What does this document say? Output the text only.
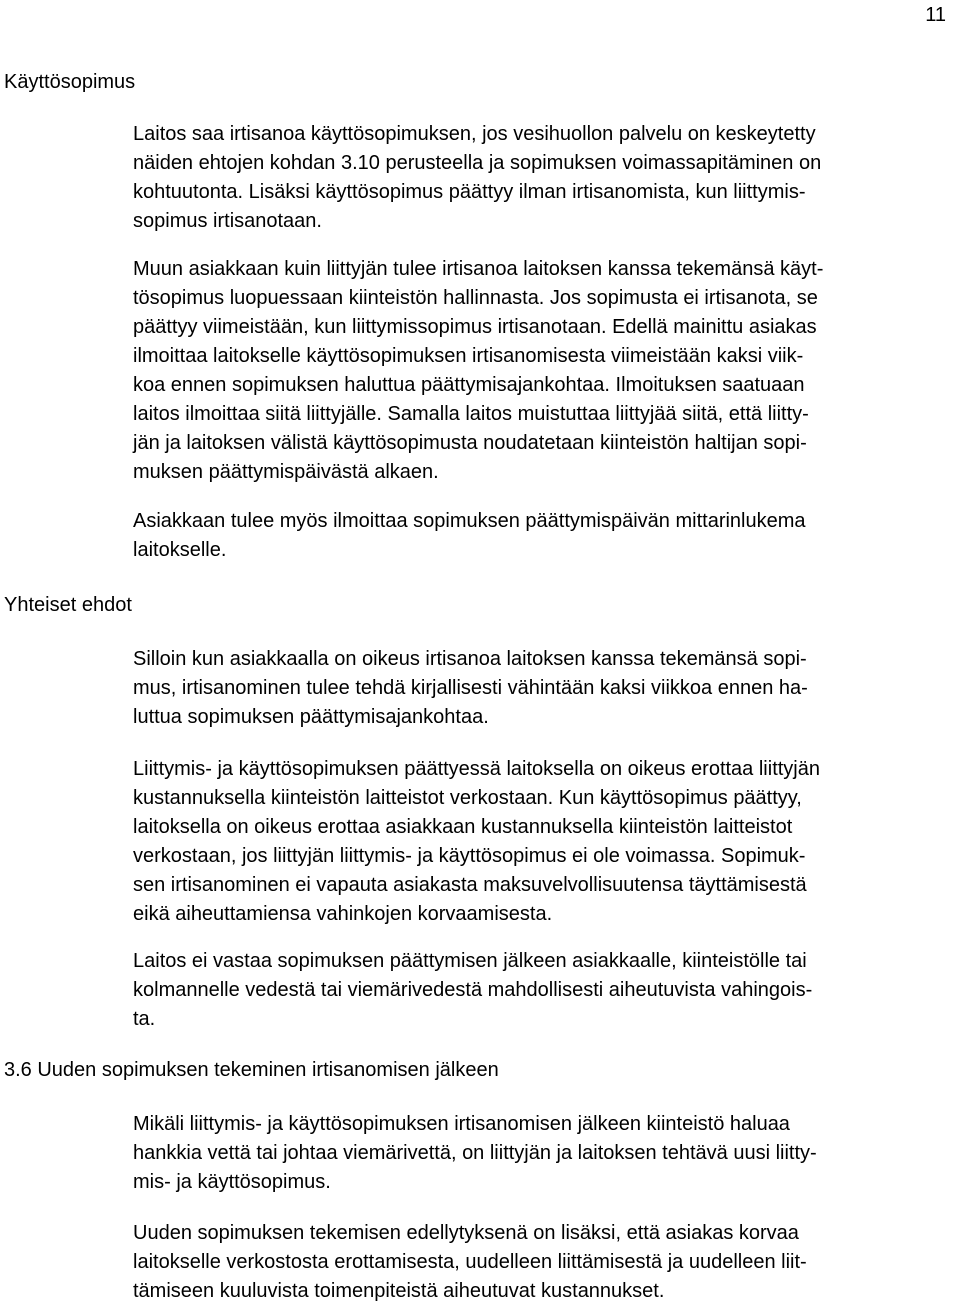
11
Käyttösopimus

Laitos saa irtisanoa käyttösopimuksen, jos vesihuollon palvelu on keskeytetty
näiden ehtojen kohdan 3.10 perusteella ja sopimuksen voimassapitäminen on
kohtuutonta. Lisäksi käyttösopimus päättyy ilman irtisanomista, kun liittymis-
sopimus irtisanotaan.

Muun asiakkaan kuin liittyjän tulee irtisanoa laitoksen kanssa tekemänsä käyt-
tösopimus luopuessaan kiinteistön hallinnasta. Jos sopimusta ei irtisanota, se
päättyy viimeistään, kun liittymissopimus irtisanotaan. Edellä mainittu asiakas
ilmoittaa laitokselle käyttösopimuksen irtisanomisesta viimeistään kaksi viik-
koa ennen sopimuksen haluttua päättymisajankohtaa. Ilmoituksen saatuaan
laitos ilmoittaa siitä liittyjälle. Samalla laitos muistuttaa liittyjää siitä, että liitty-
jän ja laitoksen välistä käyttösopimusta noudatetaan kiinteistön haltijan sopi-
muksen päättymispäivästä alkaen.

Asiakkaan tulee myös ilmoittaa sopimuksen päättymispäivän mittarinlukema
laitokselle.

Yhteiset ehdot

Silloin kun asiakkaalla on oikeus irtisanoa laitoksen kanssa tekemänsä sopi-
mus, irtisanominen tulee tehdä kirjallisesti vähintään kaksi viikkoa ennen ha-
luttua sopimuksen päättymisajankohtaa.

Liittymis- ja käyttösopimuksen päättyessä laitoksella on oikeus erottaa liittyjän
kustannuksella kiinteistön laitteistot verkostaan. Kun käyttösopimus päättyy,
laitoksella on oikeus erottaa asiakkaan kustannuksella kiinteistön laitteistot
verkostaan, jos liittyjän liittymis- ja käyttösopimus ei ole voimassa. Sopimuk-
sen irtisanominen ei vapauta asiakasta maksuvelvollisuutensa täyttämisestä
eikä aiheuttamiensa vahinkojen korvaamisesta.

Laitos ei vastaa sopimuksen päättymisen jälkeen asiakkaalle, kiinteistölle tai
kolmannelle vedestä tai viemärivedestä mahdollisesti aiheutuvista vahingois-
ta.

3.6 Uuden sopimuksen tekeminen irtisanomisen jälkeen

Mikäli liittymis- ja käyttösopimuksen irtisanomisen jälkeen kiinteistö haluaa
hankkia vettä tai johtaa viemärivettä, on liittyjän ja laitoksen tehtävä uusi liitty-
mis- ja käyttösopimus.

Uuden sopimuksen tekemisen edellytyksenä on lisäksi, että asiakas korvaa
laitokselle verkostosta erottamisesta, uudelleen liittämisestä ja uudelleen liit-
tämiseen kuuluvista toimenpiteistä aiheutuvat kustannukset.
